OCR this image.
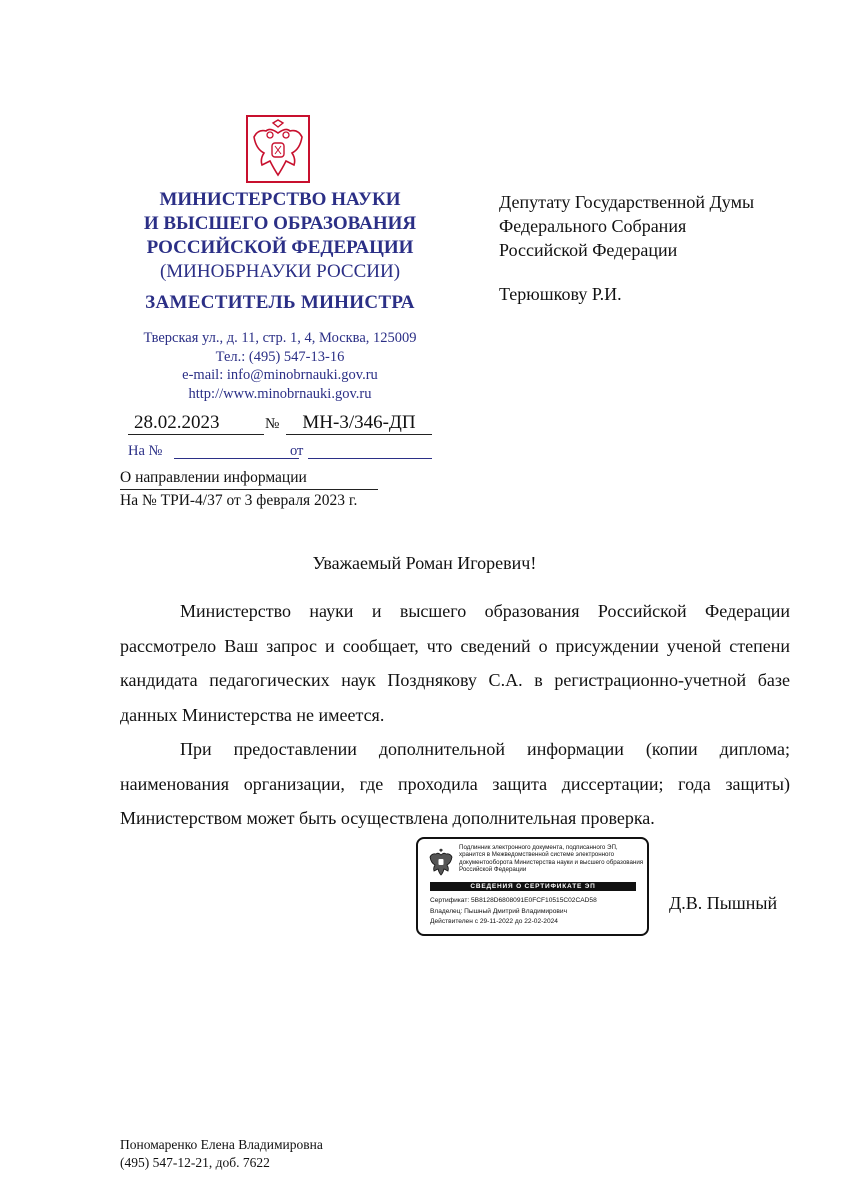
МИНИСТЕРСТВО НАУКИ
И ВЫСШЕГО ОБРАЗОВАНИЯ
РОССИЙСКОЙ ФЕДЕРАЦИИ
(МИНОБРНАУКИ РОССИИ)
ЗАМЕСТИТЕЛЬ МИНИСТРА
Тверская ул., д. 11, стр. 1, 4, Москва, 125009
Тел.: (495) 547-13-16
e-mail: info@minobrnauki.gov.ru
http://www.minobrnauki.gov.ru
Депутату Государственной Думы
Федерального Собрания
Российской Федерации
Терюшкову Р.И.
28.02.2023	№	МН-3/346-ДП
На №	от
О направлении информации
На № ТРИ-4/37 от 3 февраля 2023 г.
Уважаемый Роман Игоревич!

Министерство науки и высшего образования Российской Федерации рассмотрело Ваш запрос и сообщает, что сведений о присуждении ученой степени кандидата педагогических наук Позднякову С.А. в регистрационно-учетной базе данных Министерства не имеется.

При предоставлении дополнительной информации (копии диплома; наименования организации, где проходила защита диссертации; года защиты) Министерством может быть осуществлена дополнительная проверка.

Подлинник электронного документа, подписанного ЭП, хранится в Межведомственной системе электронного документооборота Министерства науки и высшего образования Российской Федерации
СВЕДЕНИЯ О СЕРТИФИКАТЕ ЭП
Сертификат: 5B8128D6808091E0FCF10515C02CAD58
Владелец: Пышный Дмитрий Владимирович
Действителен с 29-11-2022 до 22-02-2024
Д.В. Пышный
Пономаренко Елена Владимировна
(495) 547-12-21, доб. 7622
